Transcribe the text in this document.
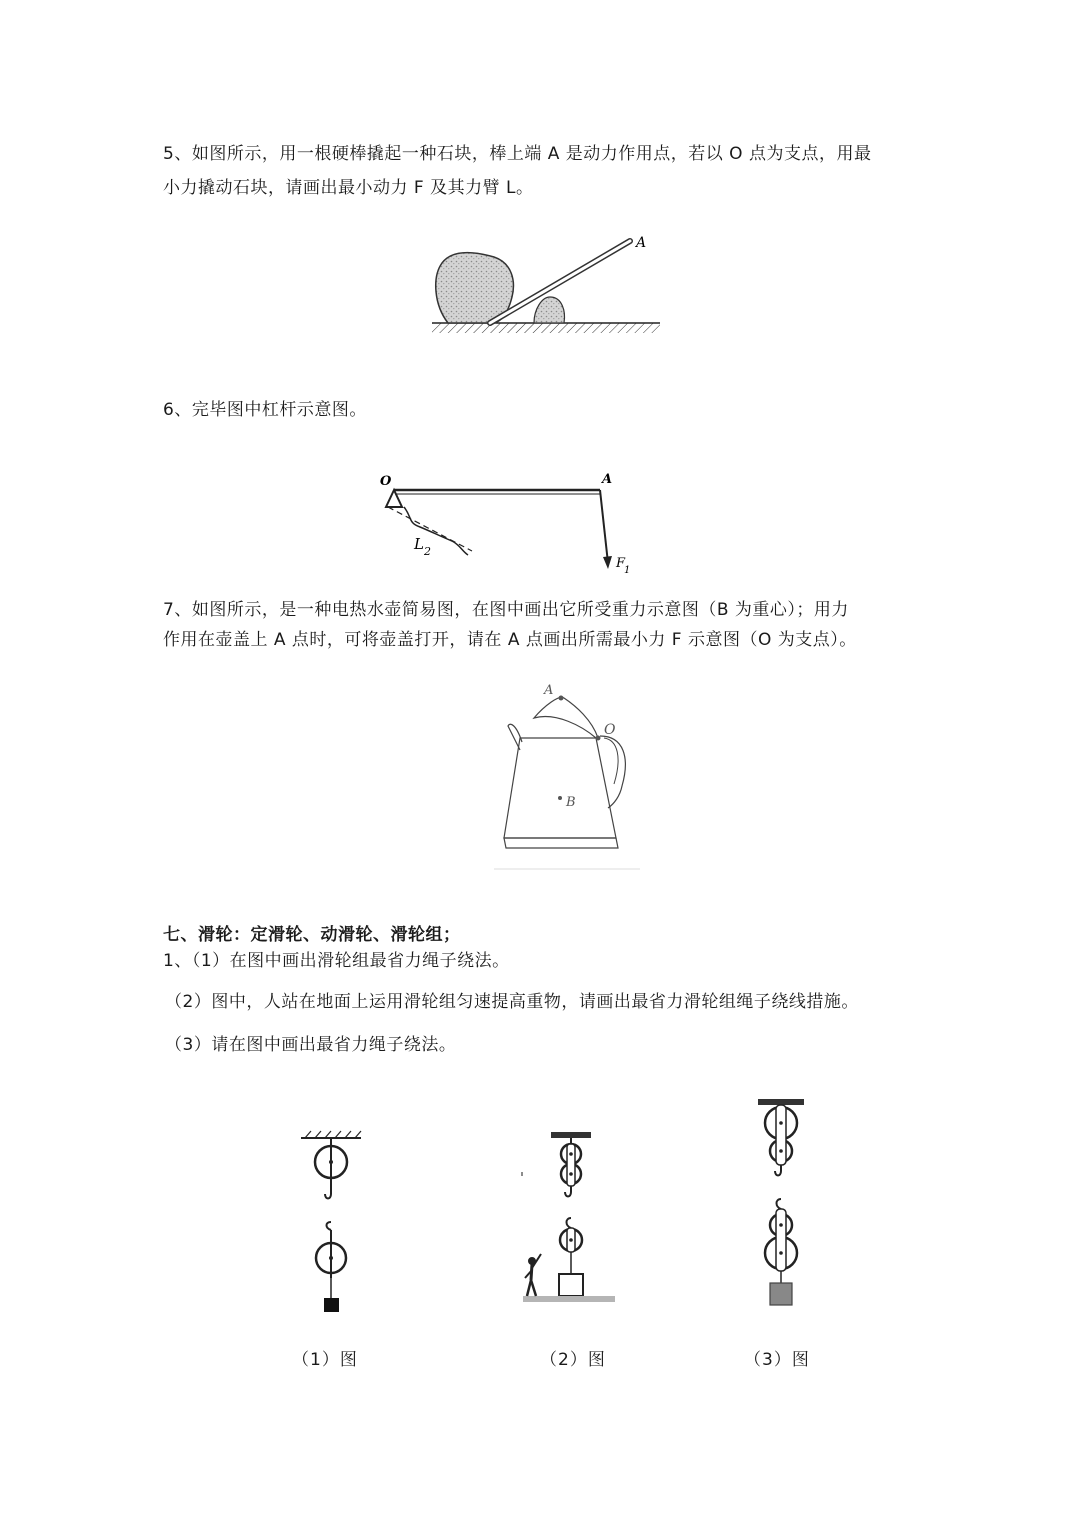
5、如图所示，用一根硬棒撬起一种石块，棒上端 A 是动力作用点，若以 O 点为支点，用最
小力撬动石块，请画出最小动力 F 及其力臂 L。
A
6、完毕图中杠杆示意图。
O	A
L 2
F
1
7、如图所示，是一种电热水壶简易图，在图中画出它所受重力示意图（B 为重心）；用力
作用在壶盖上 A 点时，可将壶盖打开，请在 A 点画出所需最小力 F 示意图（O 为支点）。
A
O
B
七、滑轮：定滑轮、动滑轮、滑轮组；
1、（1）在图中画出滑轮组最省力绳子绕法。
（2）图中，人站在地面上运用滑轮组匀速提高重物，请画出最省力滑轮组绳子绕线措施。
（3）请在图中画出最省力绳子绕法。
（1）图	（2）图	（3）图
